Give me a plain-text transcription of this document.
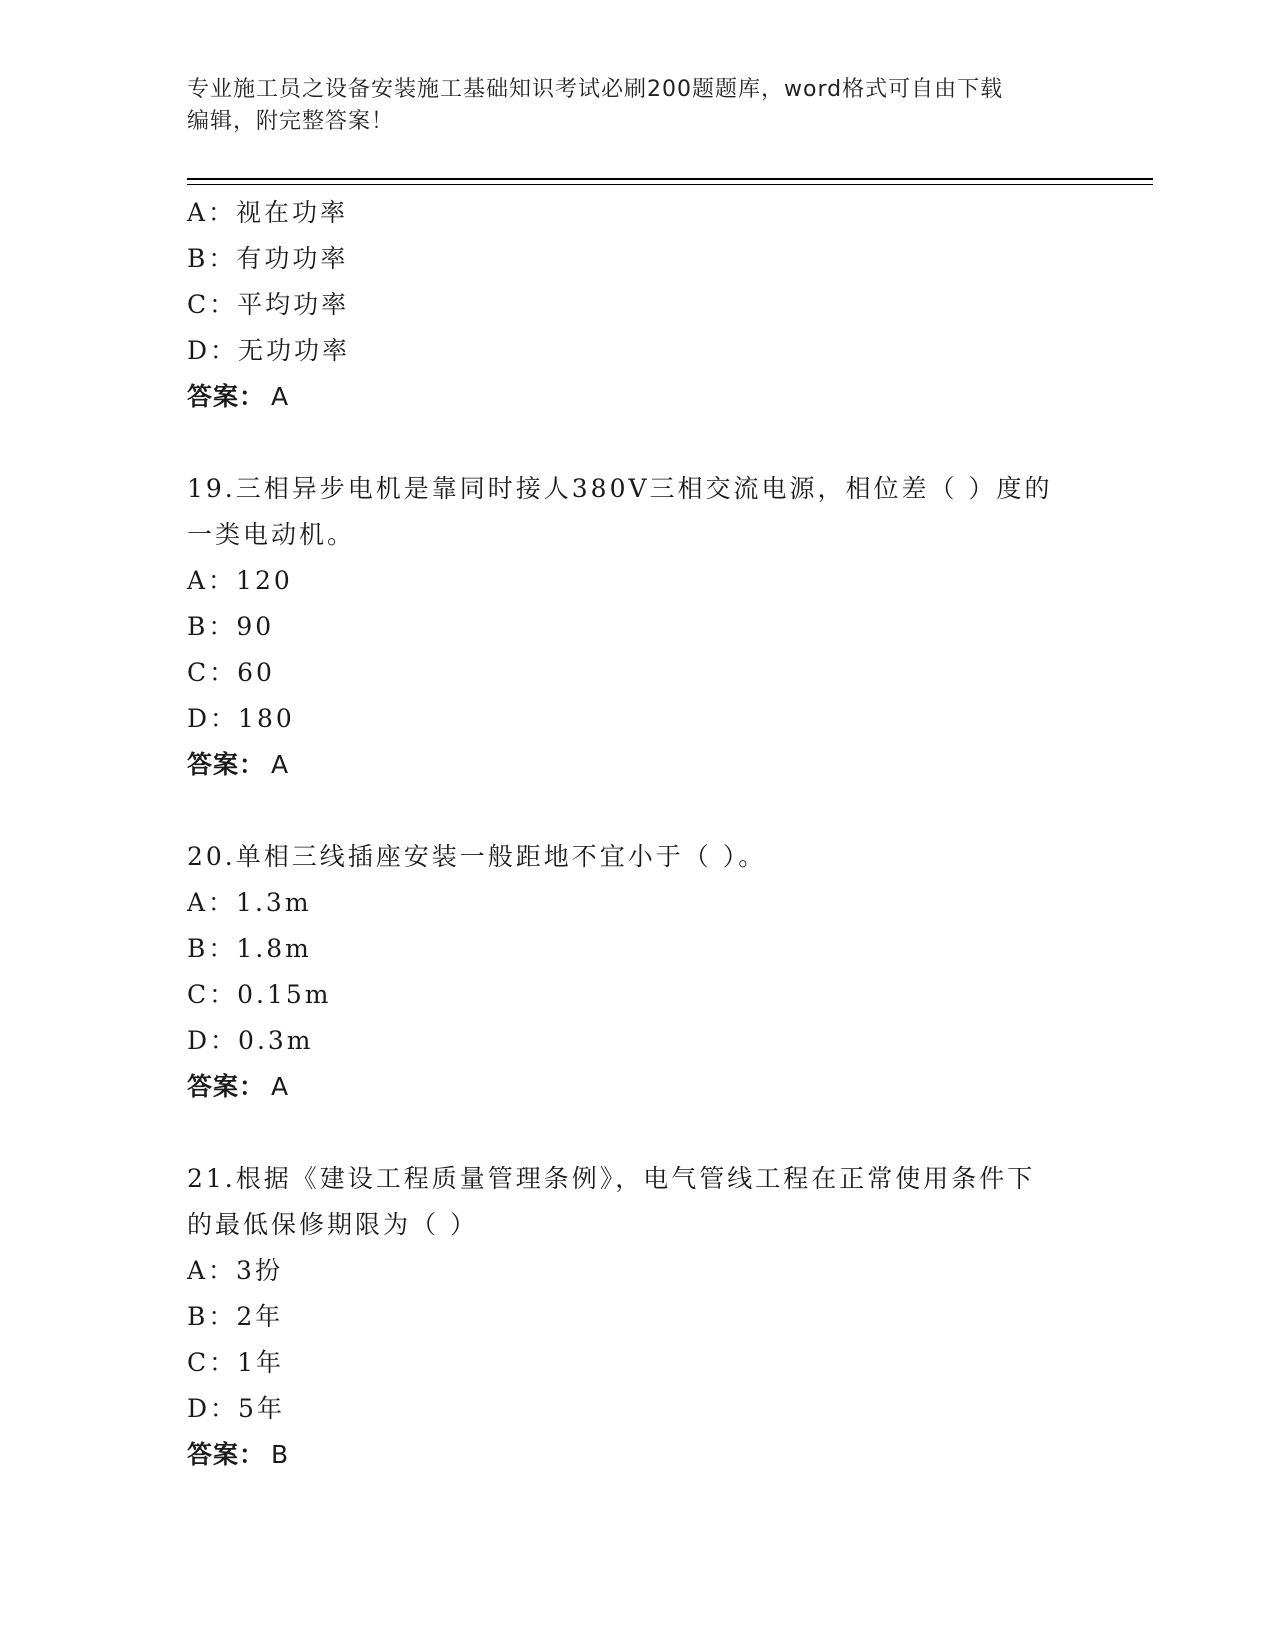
专业施工员之设备安装施工基础知识考试必刷200题题库，word格式可自由下载
编辑，附完整答案！
A：视在功率
B：有功功率
C：平均功率
D：无功功率
答案： A
19.三相异步电机是靠同时接人380V三相交流电源，相位差（ ）度的
一类电动机。
A：120
B：90
C：60
D：180
答案： A
20.单相三线插座安装一般距地不宜小于（ ）。
A：1.3m
B：1.8m
C：0.15m
D：0.3m
答案： A
21.根据《建设工程质量管理条例》，电气管线工程在正常使用条件下
的最低保修期限为（ ）
A：3扮
B：2年
C：1年
D：5年
答案： B
